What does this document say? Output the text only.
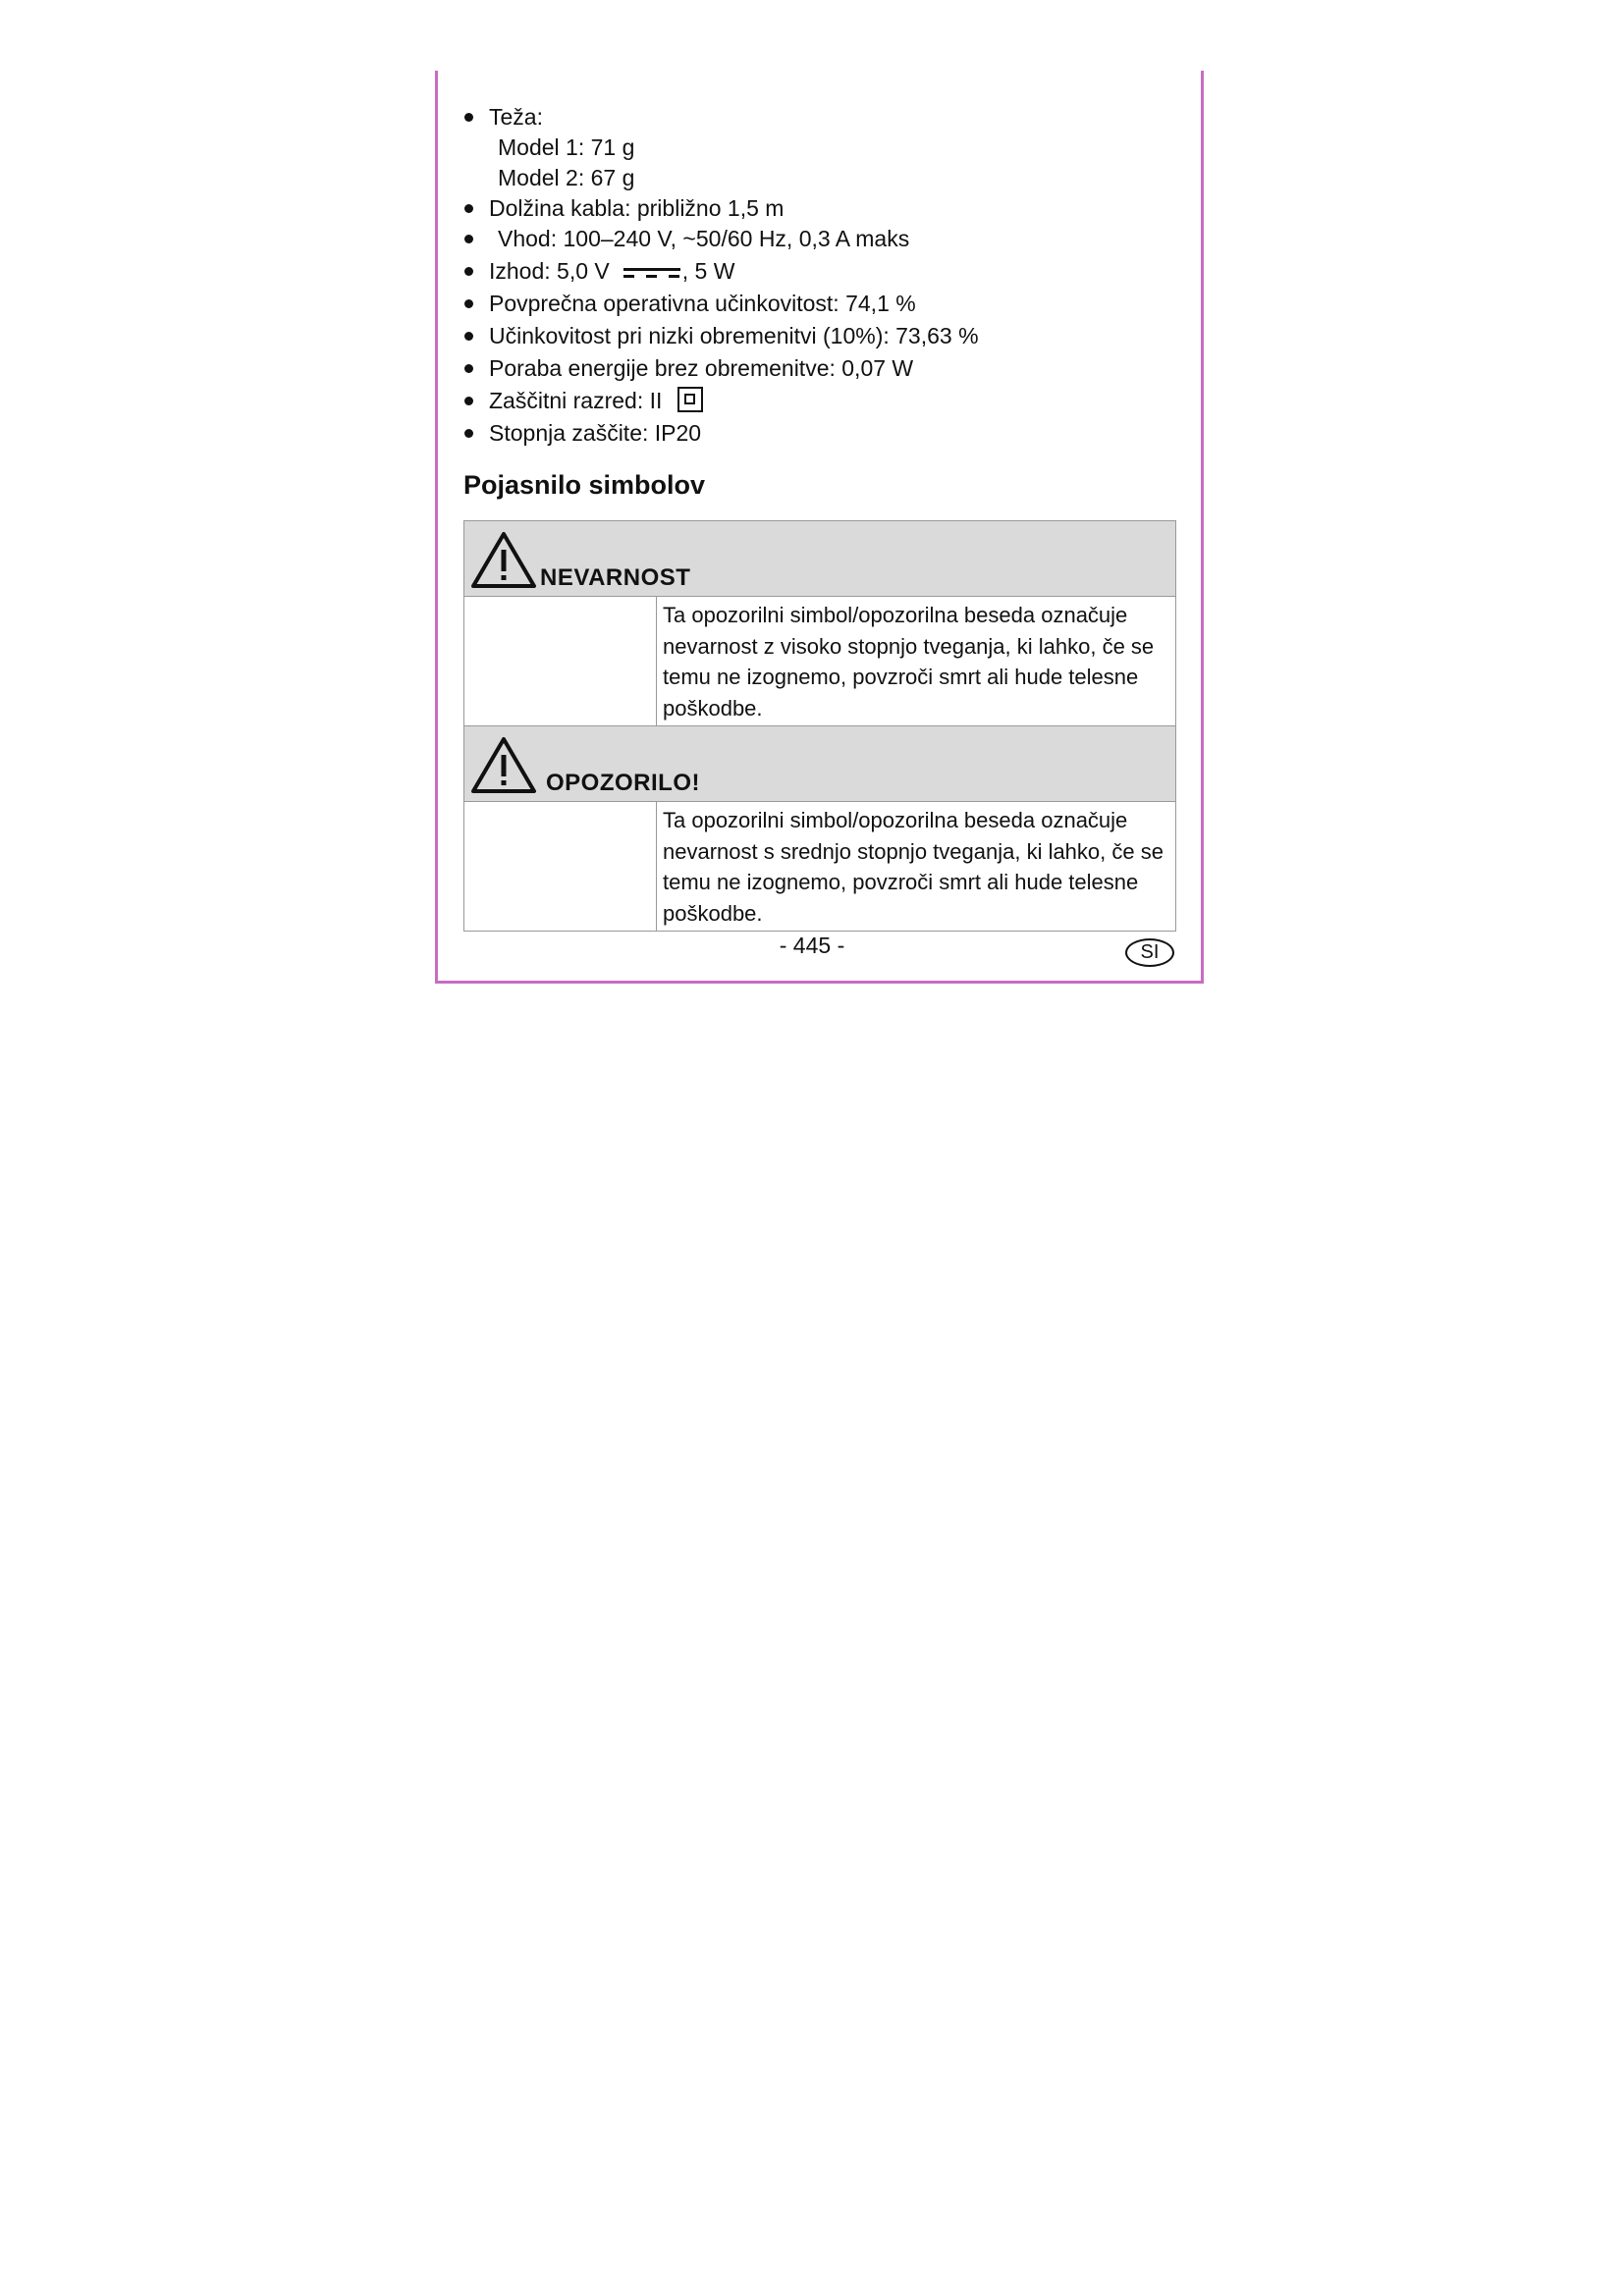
Teža:
Model 1: 71 g
Model 2: 67 g
Dolžina kabla: približno 1,5 m
Vhod: 100–240 V, ~50/60 Hz, 0,3 A maks
Izhod: 5,0 V	, 5 W
Povprečna operativna učinkovitost: 74,1 %
Učinkovitost pri nizki obremenitvi (10%): 73,63 %
Poraba energije brez obremenitve: 0,07 W
Zaščitni razred: II
Stopnja zaščite: IP20
Pojasnilo simbolov
NEVARNOST	

	Ta opozorilni simbol/opozorilna beseda označuje nevarnost z visoko stopnjo tveganja, ki lahko, če se temu ne izognemo, povzroči smrt ali hude telesne poškodbe.

OPOZORILO!	

	Ta opozorilni simbol/opozorilna beseda označuje nevarnost s srednjo stopnjo tveganja, ki lahko, če se temu ne izognemo, povzroči smrt ali hude telesne poškodbe.
- 445 -	SI
